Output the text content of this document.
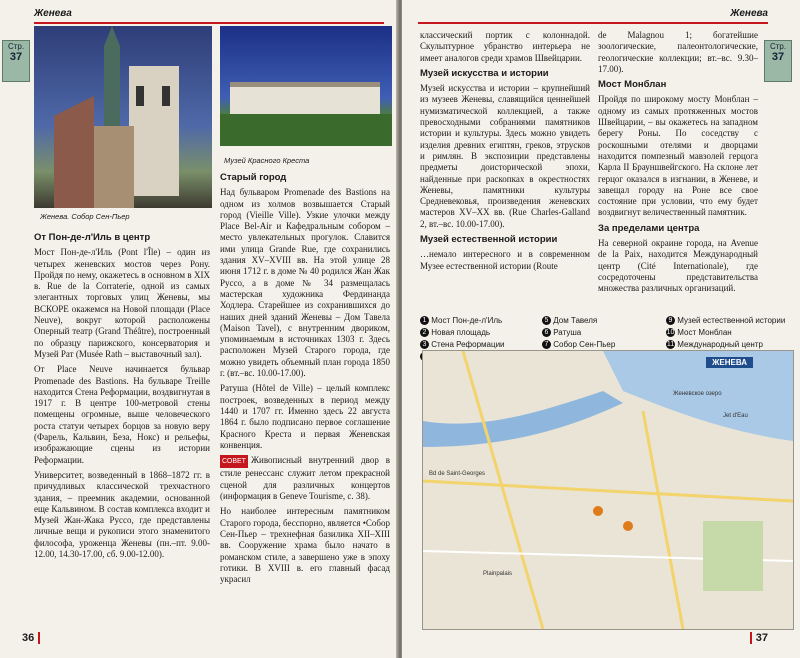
Женева
Стр.
37
Женева. Собор Сен-Пьер
Музей Красного Креста
От Пон-де-л'Иль в центр

Мост Пон-де-л'Иль (Pont l'Île) – один из четырех женевских мостов через Рону. Пройдя по нему, окажетесь в основном в XIX в. Rue de la Corraterie, одной из самых элегантных торговых улиц Женевы, мы ВСКОРЕ окажемся на Новой площади (Place Neuve), вокруг которой расположены Оперный театр (Grand Théâtre), построенный по образцу парижского, консерватория и Музей Рат (Musée Rath – выставочный зал).

От Place Neuve начинается бульвар Promenade des Bastions. На бульваре Treille находится Стена Реформации, воздвигнутая в 1917 г. В центре 100-метровой стены помещены огромные, выше человеческого роста статуи четырех борцов за новую веру (Фарель, Кальвин, Беза, Нокс) и рельефы, изображающие сцены из истории Реформации.

Университет, возведенный в 1868–1872 гг. в причудливых классической трехчастного здания, – преемник академии, основанной еще Кальвином. В состав комплекса входит и Музей Жан-Жака Руссо, где представлены личные вещи и рукописи этого знаменитого философа, уроженца Женевы (пн.–пт. 9.00-12.00, 14.30-17.00, сб. 9.00-12.00).

Старый город

Над бульваром Promenade des Bastions на одном из холмов возвышается Старый город (Vieille Ville). Узкие улочки между Place Bel-Air и Кафедральным собором – место увлекательных прогулок. Славится ими улица Grande Rue, где сохранились здания XV–XVIII вв. На этой улице 28 июня 1712 г. в доме № 40 родился Жан Жак Руссо, а в доме № 34 размещалась мастерская художника Фердинанда Ходлера. Старейшее из сохранившихся до наших дней зданий Женевы – Дом Тавела (Maison Tavel), с внутренним двориком, упоминаемым в источниках 1303 г. Здесь расположен Музей Старого города, где можно увидеть объемный план города 1850 г. (вт.–вс. 10.00-17.00).

Ратуша (Hôtel de Ville) – целый комплекс построек, возведенных в период между 1440 и 1707 гг. Именно здесь 22 августа 1864 г. было подписано первое соглашение Красного Креста и первая Женевская конвенция.

СОВЕТ Живописный внутренний двор в стиле ренессанс служит летом прекрасной сценой для различных концертов (информация в Geneve Tourisme, с. 38).

Но наиболее интересным памятником Старого города, бесспорно, является •Собор Сен-Пьер – трехнефная базилика XII–XIII вв. Сооружение храма было начато в романском стиле, а завершено уже в эпоху готики. В XVIII в. его главный фасад украсил

36
Женева
Стр.
37

классический портик с колоннадой. Скульптурное убранство интерьера не имеет аналогов среди храмов Швейцарии.

Музей искусства и истории

Музей искусства и истории – крупнейший из музеев Женевы, славящийся ценнейшей нумизматической коллекцией, а также превосходными собраниями памятников истории и культуры. Здесь можно увидеть изделия древних египтян, греков, этрусков и римлян. В экспозиции представлены предметы доисторической эпохи, найденные при раскопках в окрестностях Женевы, памятники культуры Средневековья, произведения женевских мастеров XV–XX вв. (Rue Charles-Galland 2, вт.–вс. 10.00-17.00).

Музей естественной истории

…немало интересного и в современном Музее естественной истории (Route

de Malagnou 1; богатейшие зоологические, палеонтологические, геологические коллекции; вт.–вс. 9.30–17.00).

Мост Монблан

Пройдя по широкому мосту Монблан – одному из самых протяженных мостов Швейцарии, – вы окажетесь на западном берегу Роны. По соседству с роскошными отелями и дворцами находится помпезный мавзолей герцога Карла II Брауншвейгского. На склоне лет герцог оказался в изгнании, в Женеве, и завещал городу на Роне все свое состояние при условии, что ему будет воздвигнут величественный памятник.

За пределами центра

На северной окраине города, на Avenue de la Paix, находится Международный центр (Cité Internationale), где сосредоточены представительства множества различных организаций.

1 Мост Пон-де-л'Иль
2 Новая площадь
3 Стена Реформации
5 Дом Тавеля
6 Ратуша
7 Собор Сен-Пьер
9 Музей естественной истории
10 Мост Монблан
11 Международный центр
ЖЕНЕВА
Женевское озеро
Jet d'Eau
Bd de Saint-Georges
Plainpalais
37
